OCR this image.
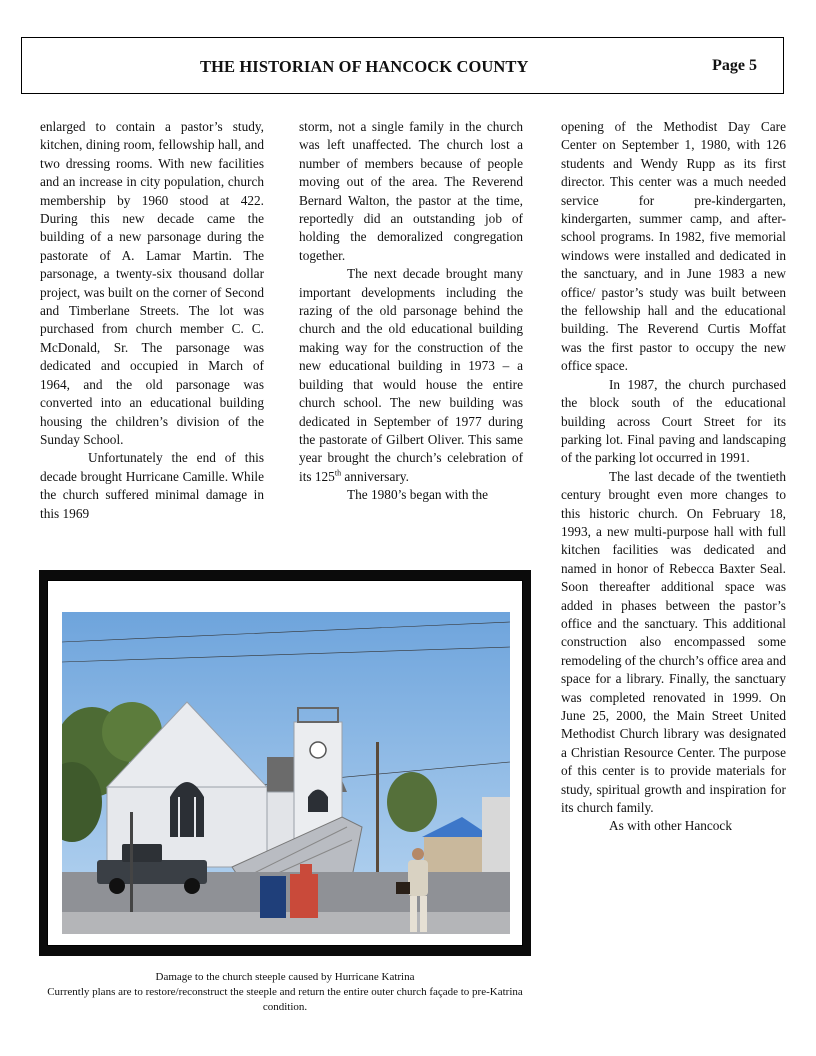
THE HISTORIAN OF HANCOCK COUNTY	Page 5

enlarged to contain a pastor’s study, kitchen, dining room, fellowship hall, and two dressing rooms. With new facilities and an increase in city population, church membership by 1960 stood at 422. During this new decade came the building of a new parsonage during the pastorate of A. Lamar Martin. The parsonage, a twenty-six thousand dollar project, was built on the corner of Second and Timberlane Streets. The lot was purchased from church member C. C. McDonald, Sr. The parsonage was dedicated and occupied in March of 1964, and the old parsonage was converted into an educational building housing the children’s division of the Sunday School.

Unfortunately the end of this decade brought Hurricane Camille. While the church suffered minimal damage in this 1969

storm, not a single family in the church was left unaffected. The church lost a number of members because of people moving out of the area. The Reverend Bernard Walton, the pastor at the time, reportedly did an outstanding job of holding the demoralized congregation together.

The next decade brought many important developments including the razing of the old parsonage behind the church and the old educational building making way for the construction of the new educational building in 1973 – a building that would house the entire church school. The new building was dedicated in September of 1977 during the pastorate of Gilbert Oliver. This same year brought the church’s celebration of its 125th anniversary.

The 1980’s began with the

opening of the Methodist Day Care Center on September 1, 1980, with 126 students and Wendy Rupp as its first director. This center was a much needed service for pre-kindergarten, kindergarten, summer camp, and after-school programs. In 1982, five memorial windows were installed and dedicated in the sanctuary, and in June 1983 a new office/ pastor’s study was built between the fellowship hall and the educational building. The Reverend Curtis Moffat was the first pastor to occupy the new office space.

In 1987, the church purchased the block south of the educational building across Court Street for its parking lot. Final paving and landscaping of the parking lot occurred in 1991.

The last decade of the twentieth century brought even more changes to this historic church. On February 18, 1993, a new multi-purpose hall with full kitchen facilities was dedicated and named in honor of Rebecca Baxter Seal. Soon thereafter additional space was added in phases between the pastor’s office and the sanctuary. This additional construction also encompassed some remodeling of the church’s office area and space for a library. Finally, the sanctuary was completed renovated in 1999. On June 25, 2000, the Main Street United Methodist Church library was designated a Christian Resource Center. The purpose of this center is to provide materials for study, spiritual growth and inspiration for its church family.

As with other Hancock

Damage to the church steeple caused by Hurricane Katrina
Currently plans are to restore/reconstruct the steeple and return the entire outer church façade to pre-Katrina condition.
